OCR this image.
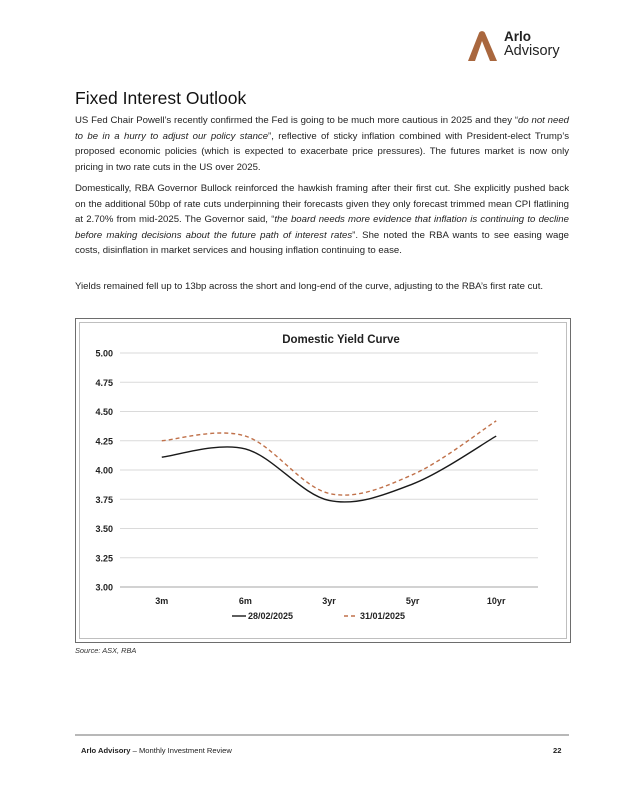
Arlo
Advisory
Fixed Interest Outlook

US Fed Chair Powell’s recently confirmed the Fed is going to be much more cautious in 2025 and they “do not need to be in a hurry to adjust our policy stance”, reflective of sticky inflation combined with President-elect Trump’s proposed economic policies (which is expected to exacerbate price pressures). The futures market is now only pricing in two rate cuts in the US over 2025.

Domestically, RBA Governor Bullock reinforced the hawkish framing after their first cut. She explicitly pushed back on the additional 50bp of rate cuts underpinning their forecasts given they only forecast trimmed mean CPI flatlining at 2.70% from mid-2025. The Governor said, “the board needs more evidence that inflation is continuing to decline before making decisions about the future path of interest rates”. She noted the RBA wants to see easing wage costs, disinflation in market services and housing inflation continuing to ease.

Yields remained fell up to 13bp across the short and long-end of the curve, adjusting to the RBA’s first rate cut.

Domestic Yield Curve
3.00
3.25
3.50
3.75
4.00
4.25
4.50
4.75
5.00
3m	6m	3yr	5yr	10yr
28/02/2025	31/01/2025
Source: ASX, RBA
Arlo Advisory – Monthly Investment Review	22
